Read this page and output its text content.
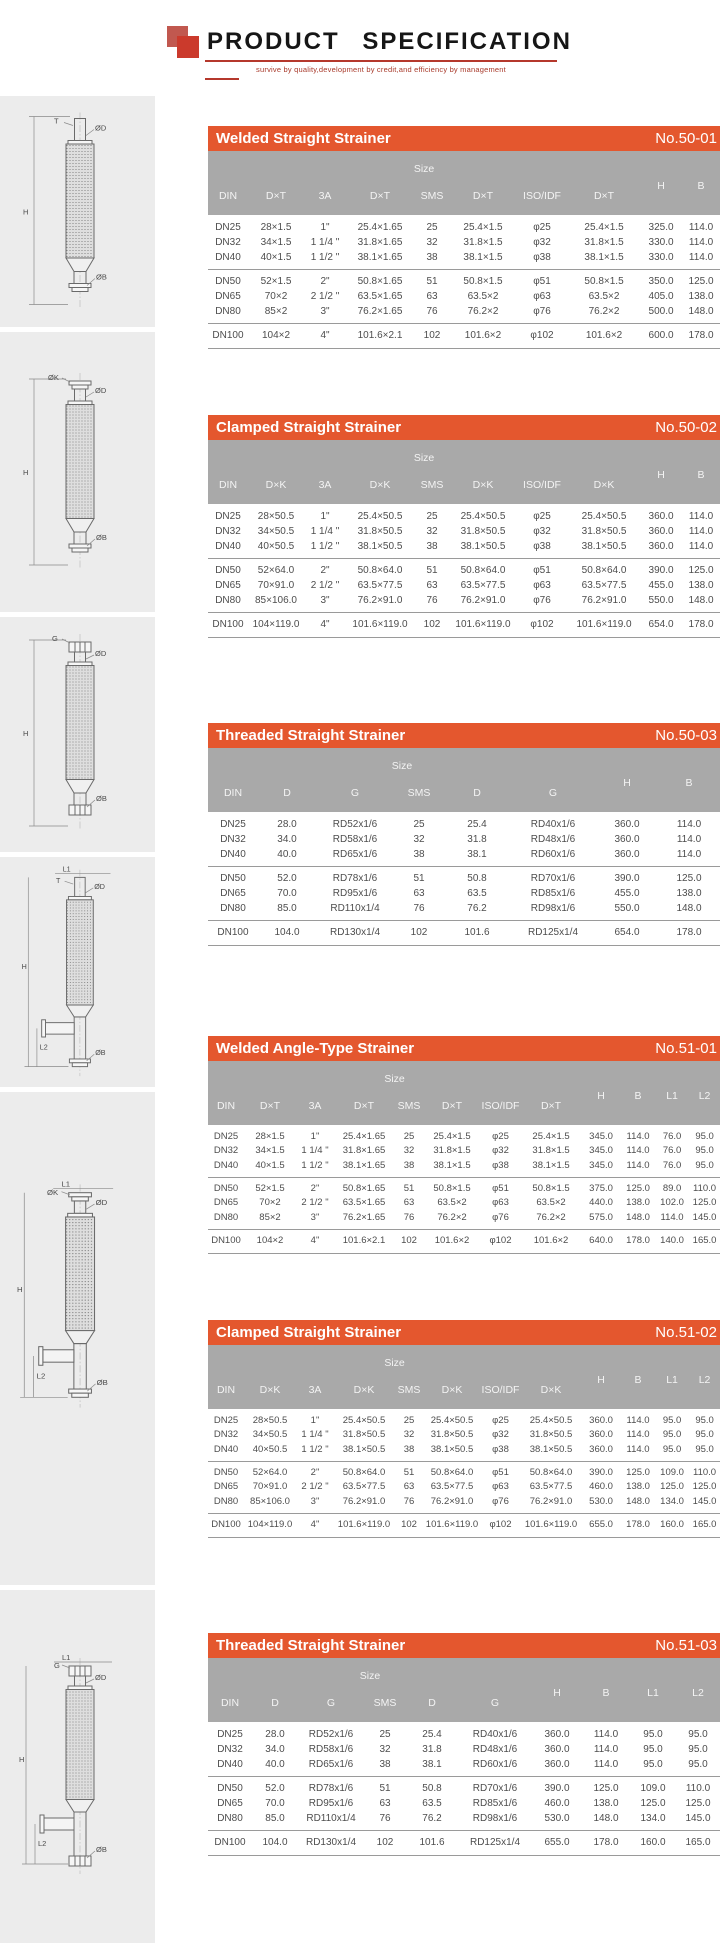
PRODUCT SPECIFICATION
survive by quality,development by credit,and efficiency by management
H
T
ØD
ØB
Welded Straight Strainer	No.50-01
Size								H	B
DIN	D×T	3A	D×T	SMS	D×T	ISO/IDF	D×T		
DN25	28×1.5	1"	25.4×1.65	25	25.4×1.5	φ25	25.4×1.5	325.0	114.0
DN32	34×1.5	1 1/4 "	31.8×1.65	32	31.8×1.5	φ32	31.8×1.5	330.0	114.0
DN40	40×1.5	1 1/2 "	38.1×1.65	38	38.1×1.5	φ38	38.1×1.5	330.0	114.0
DN50	52×1.5	2"	50.8×1.65	51	50.8×1.5	φ51	50.8×1.5	350.0	125.0
DN65	70×2	2 1/2 "	63.5×1.65	63	63.5×2	φ63	63.5×2	405.0	138.0
DN80	85×2	3"	76.2×1.65	76	76.2×2	φ76	76.2×2	500.0	148.0
DN100	104×2	4"	101.6×2.1	102	101.6×2	φ102	101.6×2	600.0	178.0
H
ØK
ØD
ØB
Clamped Straight Strainer	No.50-02
Size								H	B
DIN	D×K	3A	D×K	SMS	D×K	ISO/IDF	D×K		
DN25	28×50.5	1"	25.4×50.5	25	25.4×50.5	φ25	25.4×50.5	360.0	114.0
DN32	34×50.5	1 1/4 "	31.8×50.5	32	31.8×50.5	φ32	31.8×50.5	360.0	114.0
DN40	40×50.5	1 1/2 "	38.1×50.5	38	38.1×50.5	φ38	38.1×50.5	360.0	114.0
DN50	52×64.0	2"	50.8×64.0	51	50.8×64.0	φ51	50.8×64.0	390.0	125.0
DN65	70×91.0	2 1/2 "	63.5×77.5	63	63.5×77.5	φ63	63.5×77.5	455.0	138.0
DN80	85×106.0	3"	76.2×91.0	76	76.2×91.0	φ76	76.2×91.0	550.0	148.0
DN100	104×119.0	4"	101.6×119.0	102	101.6×119.0	φ102	101.6×119.0	654.0	178.0
H
G
ØD
ØB
Threaded Straight Strainer	No.50-03
Size						H	B
DIN	D	G	SMS	D	G		
DN25	28.0	RD52x1/6	25	25.4	RD40x1/6	360.0	114.0
DN32	34.0	RD58x1/6	32	31.8	RD48x1/6	360.0	114.0
DN40	40.0	RD65x1/6	38	38.1	RD60x1/6	360.0	114.0
DN50	52.0	RD78x1/6	51	50.8	RD70x1/6	390.0	125.0
DN65	70.0	RD95x1/6	63	63.5	RD85x1/6	455.0	138.0
DN80	85.0	RD110x1/4	76	76.2	RD98x1/6	550.0	148.0
DN100	104.0	RD130x1/4	102	101.6	RD125x1/4	654.0	178.0
L1
H
L2
T
ØD
ØB	Welded Angle-Type Strainer	No.51-01
Size								H	B	L1	L2
DIN	D×T	3A	D×T	SMS	D×T	ISO/IDF	D×T				
DN25	28×1.5	1"	25.4×1.65	25	25.4×1.5	φ25	25.4×1.5	345.0	114.0	76.0	95.0
DN32	34×1.5	1 1/4 "	31.8×1.65	32	31.8×1.5	φ32	31.8×1.5	345.0	114.0	76.0	95.0
DN40	40×1.5	1 1/2 "	38.1×1.65	38	38.1×1.5	φ38	38.1×1.5	345.0	114.0	76.0	95.0
DN50	52×1.5	2"	50.8×1.65	51	50.8×1.5	φ51	50.8×1.5	375.0	125.0	89.0	110.0
DN65	70×2	2 1/2 "	63.5×1.65	63	63.5×2	φ63	63.5×2	440.0	138.0	102.0	125.0
DN80	85×2	3"	76.2×1.65	76	76.2×2	φ76	76.2×2	575.0	148.0	114.0	145.0
DN100	104×2	4"	101.6×2.1	102	101.6×2	φ102	101.6×2	640.0	178.0	140.0	165.0
L1
H
L2
ØK
ØD
ØB
Clamped Straight Strainer	No.51-02
Size								H	B	L1	L2
DIN	D×K	3A	D×K	SMS	D×K	ISO/IDF	D×K				
DN25	28×50.5	1"	25.4×50.5	25	25.4×50.5	φ25	25.4×50.5	360.0	114.0	95.0	95.0
DN32	34×50.5	1 1/4 "	31.8×50.5	32	31.8×50.5	φ32	31.8×50.5	360.0	114.0	95.0	95.0
DN40	40×50.5	1 1/2 "	38.1×50.5	38	38.1×50.5	φ38	38.1×50.5	360.0	114.0	95.0	95.0
DN50	52×64.0	2"	50.8×64.0	51	50.8×64.0	φ51	50.8×64.0	390.0	125.0	109.0	110.0
DN65	70×91.0	2 1/2 "	63.5×77.5	63	63.5×77.5	φ63	63.5×77.5	460.0	138.0	125.0	125.0
DN80	85×106.0	3"	76.2×91.0	76	76.2×91.0	φ76	76.2×91.0	530.0	148.0	134.0	145.0
DN100	104×119.0	4"	101.6×119.0	102	101.6×119.0	φ102	101.6×119.0	655.0	178.0	160.0	165.0
L1
H
L2
G
ØD
ØB
Threaded Straight Strainer	No.51-03
Size						H	B	L1	L2
DIN	D	G	SMS	D	G				
DN25	28.0	RD52x1/6	25	25.4	RD40x1/6	360.0	114.0	95.0	95.0
DN32	34.0	RD58x1/6	32	31.8	RD48x1/6	360.0	114.0	95.0	95.0
DN40	40.0	RD65x1/6	38	38.1	RD60x1/6	360.0	114.0	95.0	95.0
DN50	52.0	RD78x1/6	51	50.8	RD70x1/6	390.0	125.0	109.0	110.0
DN65	70.0	RD95x1/6	63	63.5	RD85x1/6	460.0	138.0	125.0	125.0
DN80	85.0	RD110x1/4	76	76.2	RD98x1/6	530.0	148.0	134.0	145.0
DN100	104.0	RD130x1/4	102	101.6	RD125x1/4	655.0	178.0	160.0	165.0
